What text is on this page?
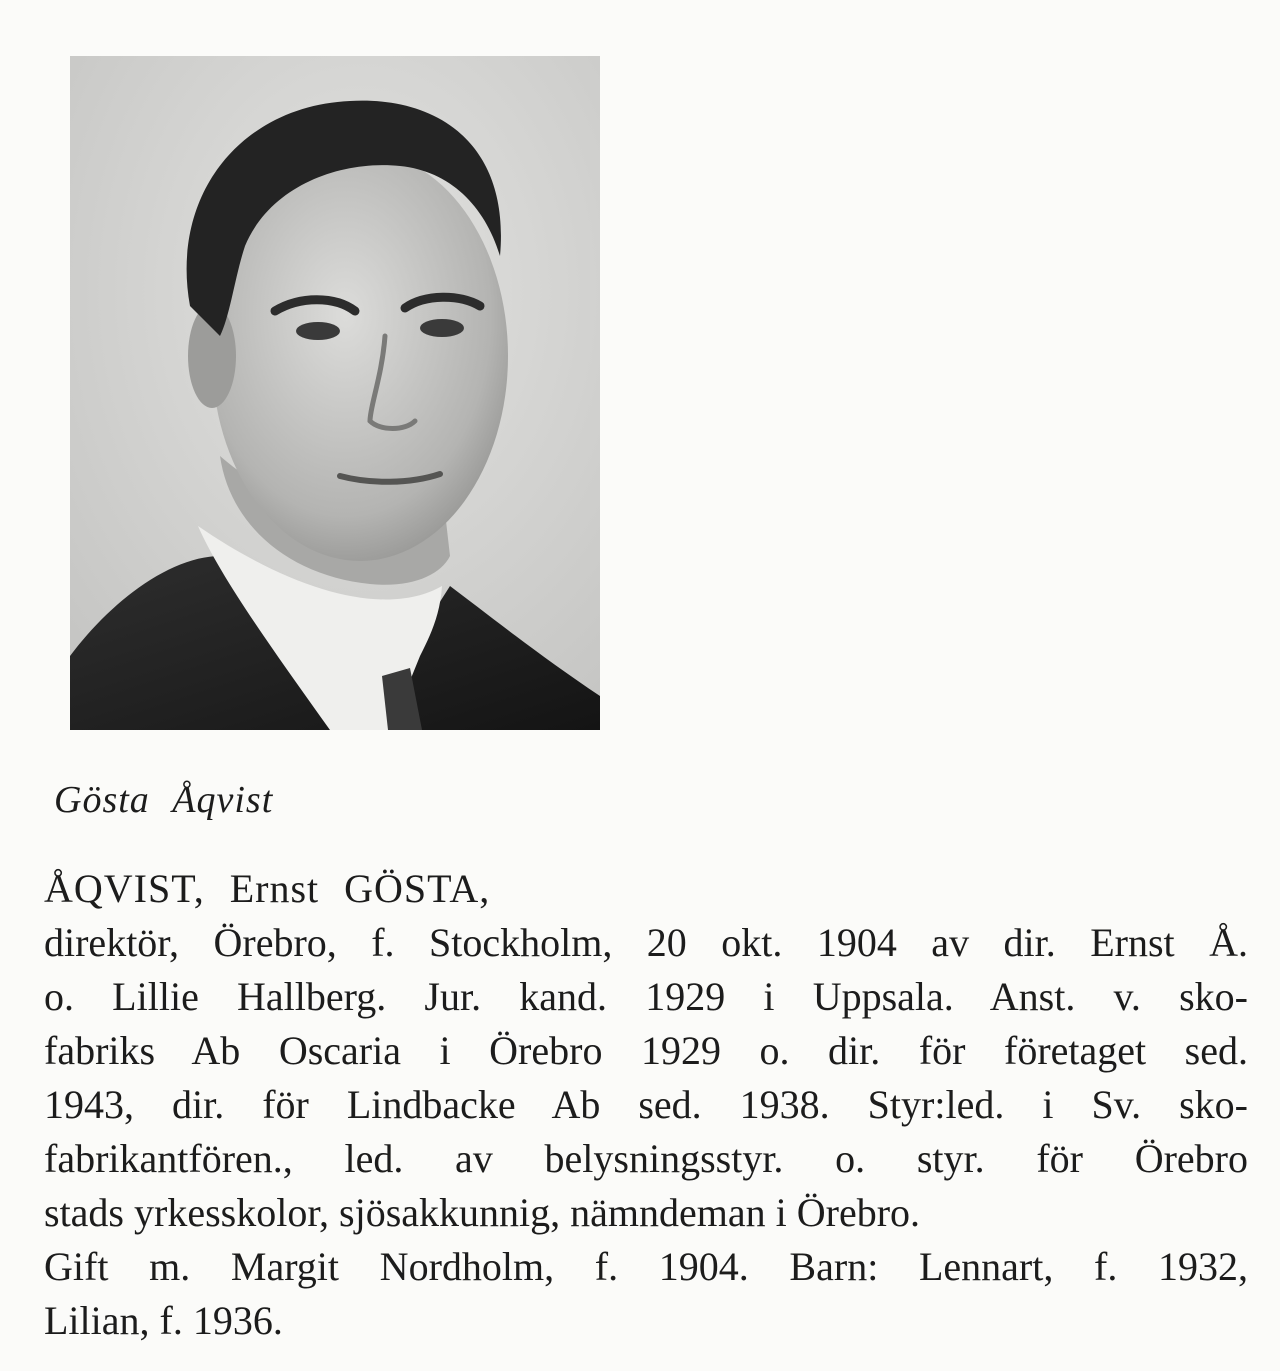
Gösta Åqvist
ÅQVIST, Ernst GÖSTA,
direktör, Örebro, f. Stockholm, 20 okt. 1904 av dir. Ernst Å.
o. Lillie Hallberg. Jur. kand. 1929 i Uppsala. Anst. v. sko-
fabriks Ab Oscaria i Örebro 1929 o. dir. för företaget sed.
1943, dir. för Lindbacke Ab sed. 1938. Styr:led. i Sv. sko-
fabrikantfören., led. av belysningsstyr. o. styr. för Örebro
stads yrkesskolor, sjösakkunnig, nämndeman i Örebro.
Gift m. Margit Nordholm, f. 1904. Barn: Lennart, f. 1932,
Lilian, f. 1936.
